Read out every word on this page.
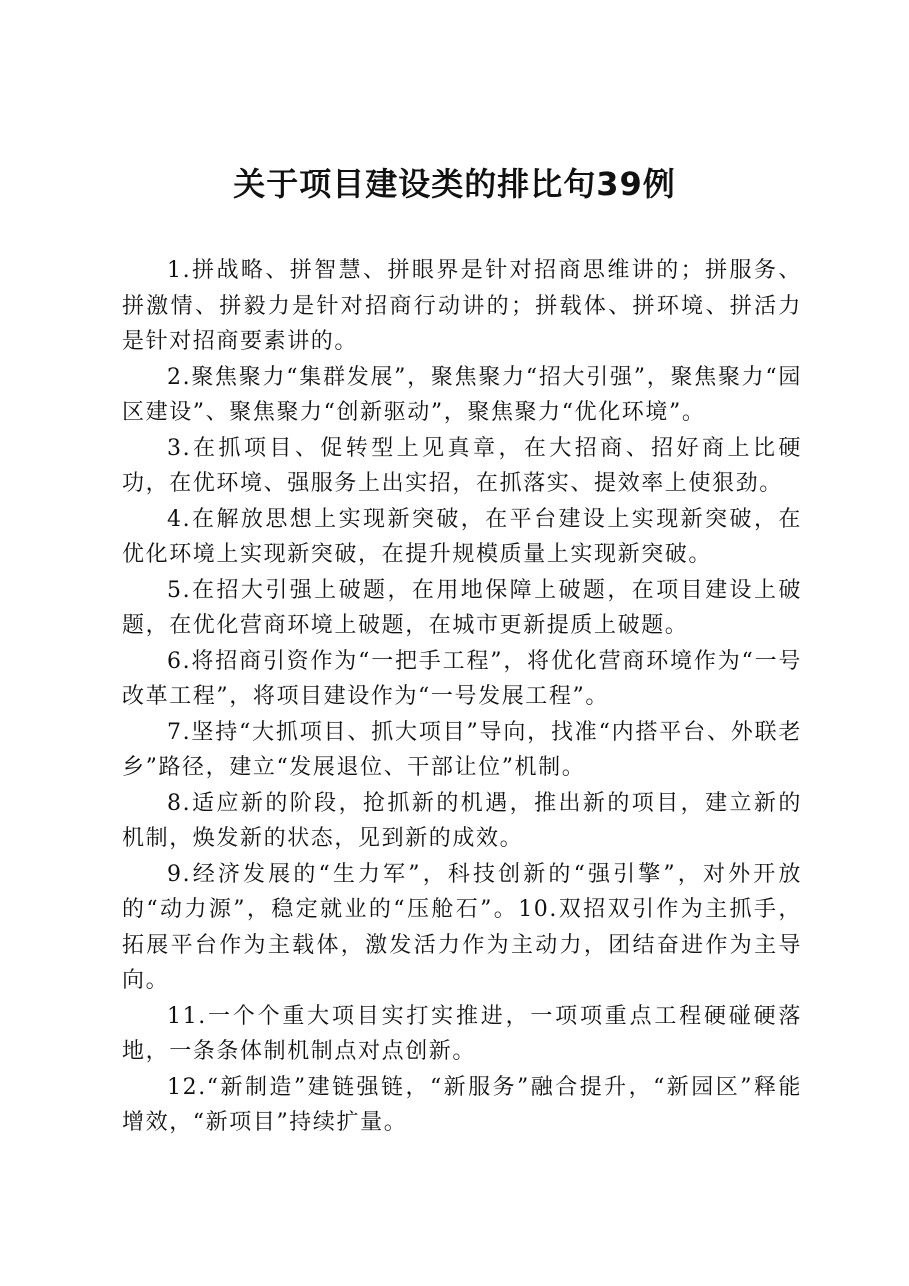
关于项目建设类的排比句39例

1.拼战略、拼智慧、拼眼界是针对招商思维讲的；拼服务、拼激情、拼毅力是针对招商行动讲的；拼载体、拼环境、拼活力是针对招商要素讲的。

2.聚焦聚力“集群发展”，聚焦聚力“招大引强”，聚焦聚力“园区建设”、聚焦聚力“创新驱动”，聚焦聚力“优化环境”。

3.在抓项目、促转型上见真章，在大招商、招好商上比硬功，在优环境、强服务上出实招，在抓落实、提效率上使狠劲。

4.在解放思想上实现新突破，在平台建设上实现新突破，在优化环境上实现新突破，在提升规模质量上实现新突破。

5.在招大引强上破题，在用地保障上破题，在项目建设上破题，在优化营商环境上破题，在城市更新提质上破题。

6.将招商引资作为“一把手工程”，将优化营商环境作为“一号改革工程”，将项目建设作为“一号发展工程”。

7.坚持“大抓项目、抓大项目”导向，找准“内搭平台、外联老乡”路径，建立“发展退位、干部让位”机制。

8.适应新的阶段，抢抓新的机遇，推出新的项目，建立新的机制，焕发新的状态，见到新的成效。

9.经济发展的“生力军”，科技创新的“强引擎”，对外开放的“动力源”，稳定就业的“压舱石”。10.双招双引作为主抓手，拓展平台作为主载体，激发活力作为主动力，团结奋进作为主导向。

11.一个个重大项目实打实推进，一项项重点工程硬碰硬落地，一条条体制机制点对点创新。

12.“新制造”建链强链，“新服务”融合提升，“新园区”释能增效，“新项目”持续扩量。
